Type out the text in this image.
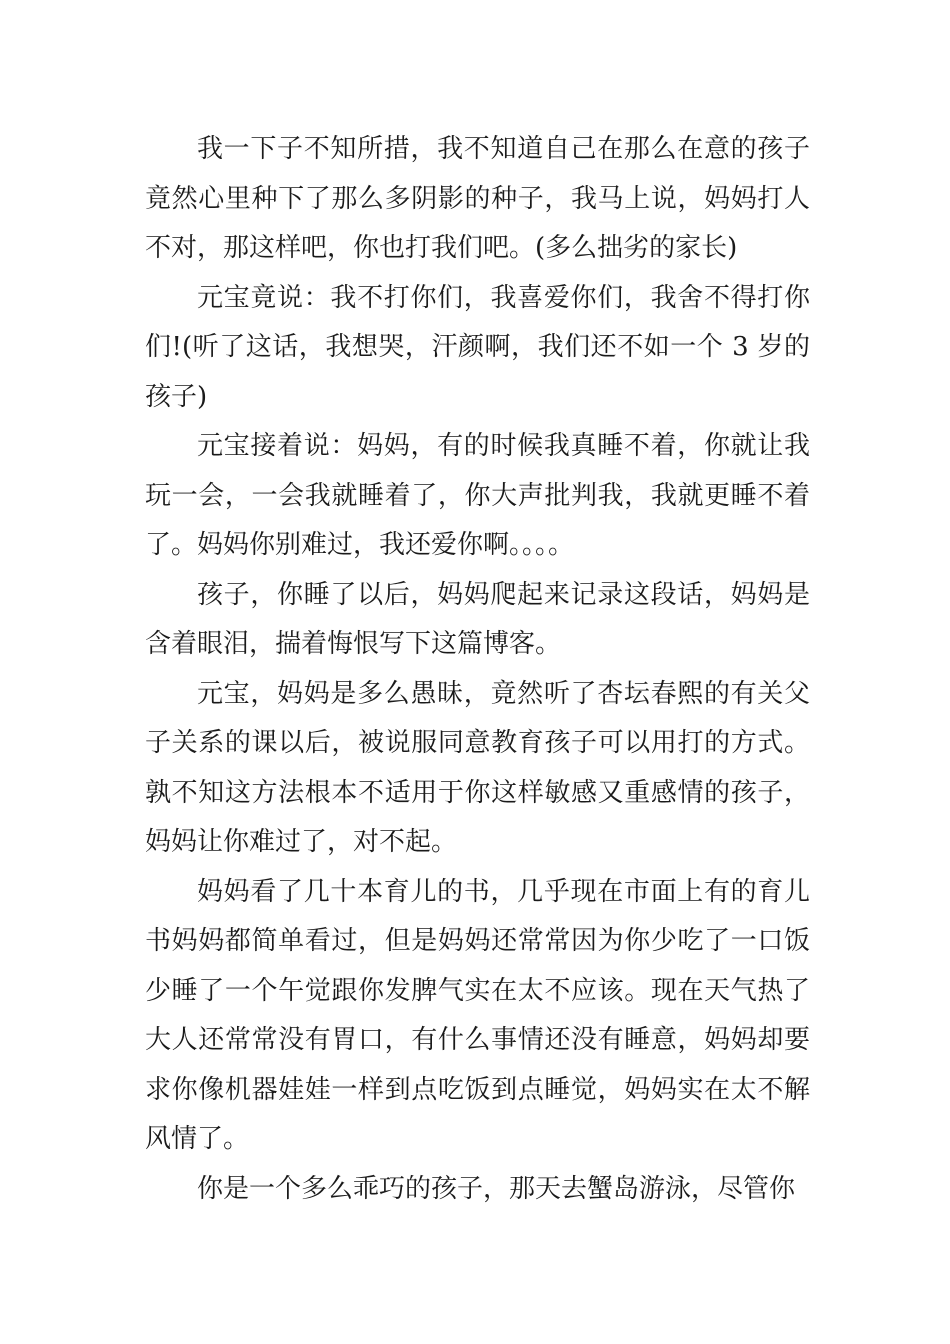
我一下子不知所措，我不知道自己在那么在意的孩子竟然心里种下了那么多阴影的种子，我马上说，妈妈打人不对，那这样吧，你也打我们吧。(多么拙劣的家长)

元宝竟说：我不打你们，我喜爱你们，我舍不得打你们!(听了这话，我想哭，汗颜啊，我们还不如一个 3 岁的孩子)

元宝接着说：妈妈，有的时候我真睡不着，你就让我玩一会，一会我就睡着了，你大声批判我，我就更睡不着了。妈妈你别难过，我还爱你啊。。。。

孩子，你睡了以后，妈妈爬起来记录这段话，妈妈是含着眼泪，揣着悔恨写下这篇博客。

元宝，妈妈是多么愚昧，竟然听了杏坛春熙的有关父子关系的课以后，被说服同意教育孩子可以用打的方式。孰不知这方法根本不适用于你这样敏感又重感情的孩子，妈妈让你难过了，对不起。

妈妈看了几十本育儿的书，几乎现在市面上有的育儿书妈妈都简单看过，但是妈妈还常常因为你少吃了一口饭少睡了一个午觉跟你发脾气实在太不应该。现在天气热了大人还常常没有胃口，有什么事情还没有睡意，妈妈却要求你像机器娃娃一样到点吃饭到点睡觉，妈妈实在太不解风情了。

你是一个多么乖巧的孩子，那天去蟹岛游泳，尽管你
